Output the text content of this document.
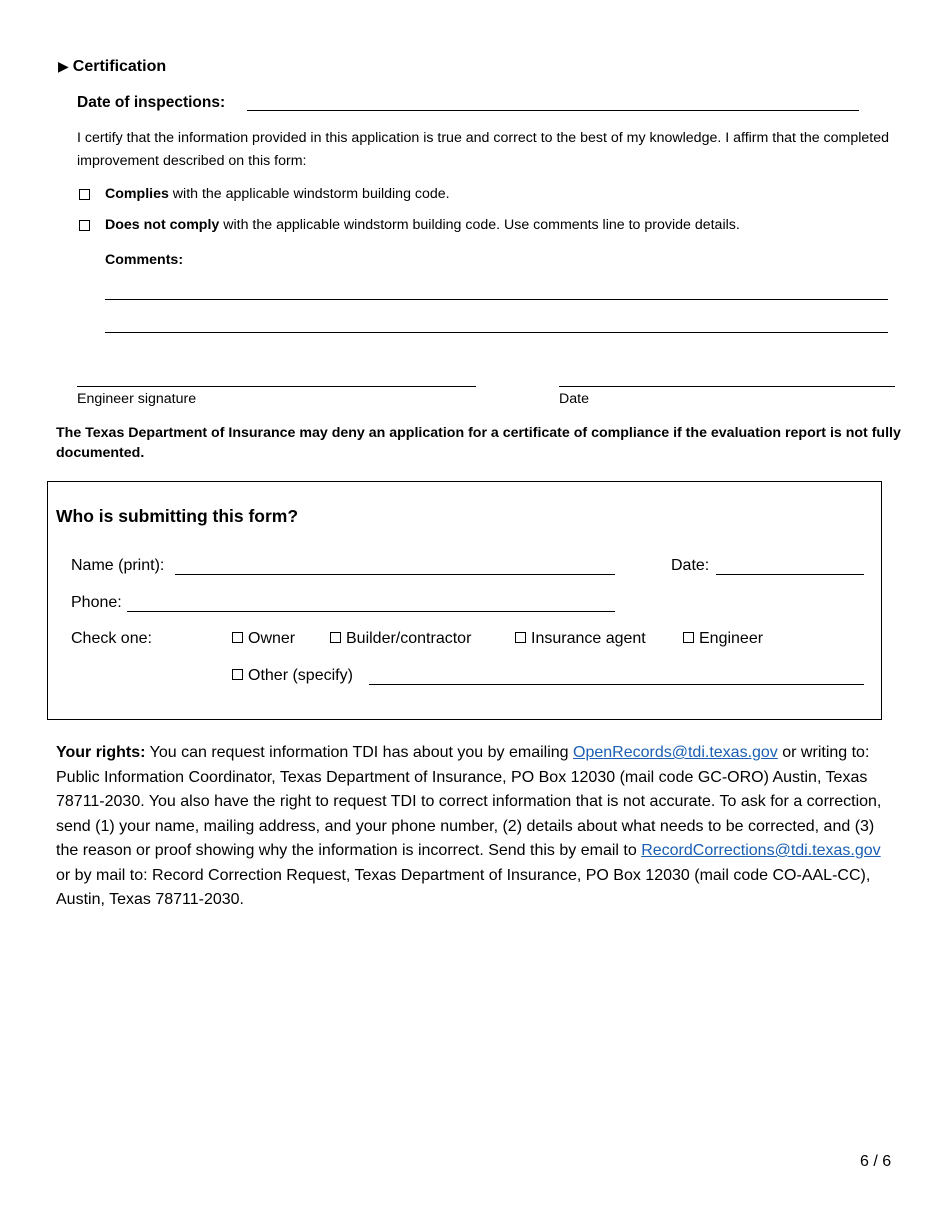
▶ Certification
Date of inspections:
I certify that the information provided in this application is true and correct to the best of my knowledge. I affirm that the completed improvement described on this form:
Complies with the applicable windstorm building code.
Does not comply with the applicable windstorm building code. Use comments line to provide details.
Comments:
Engineer signature	Date
The Texas Department of Insurance may deny an application for a certificate of compliance if the evaluation report is not fully documented.
Who is submitting this form?
Name (print):	Date:
Phone:
Check one:	Owner	Builder/contractor	Insurance agent	Engineer
Other (specify)
Your rights: You can request information TDI has about you by emailing OpenRecords@tdi.texas.gov or writing to: Public Information Coordinator, Texas Department of Insurance, PO Box 12030 (mail code GC-ORO) Austin, Texas 78711-2030. You also have the right to request TDI to correct information that is not accurate. To ask for a correction, send (1) your name, mailing address, and your phone number, (2) details about what needs to be corrected, and (3) the reason or proof showing why the information is incorrect. Send this by email to RecordCorrections@tdi.texas.gov or by mail to: Record Correction Request, Texas Department of Insurance, PO Box 12030 (mail code CO-AAL-CC), Austin, Texas 78711-2030.
6 / 6
